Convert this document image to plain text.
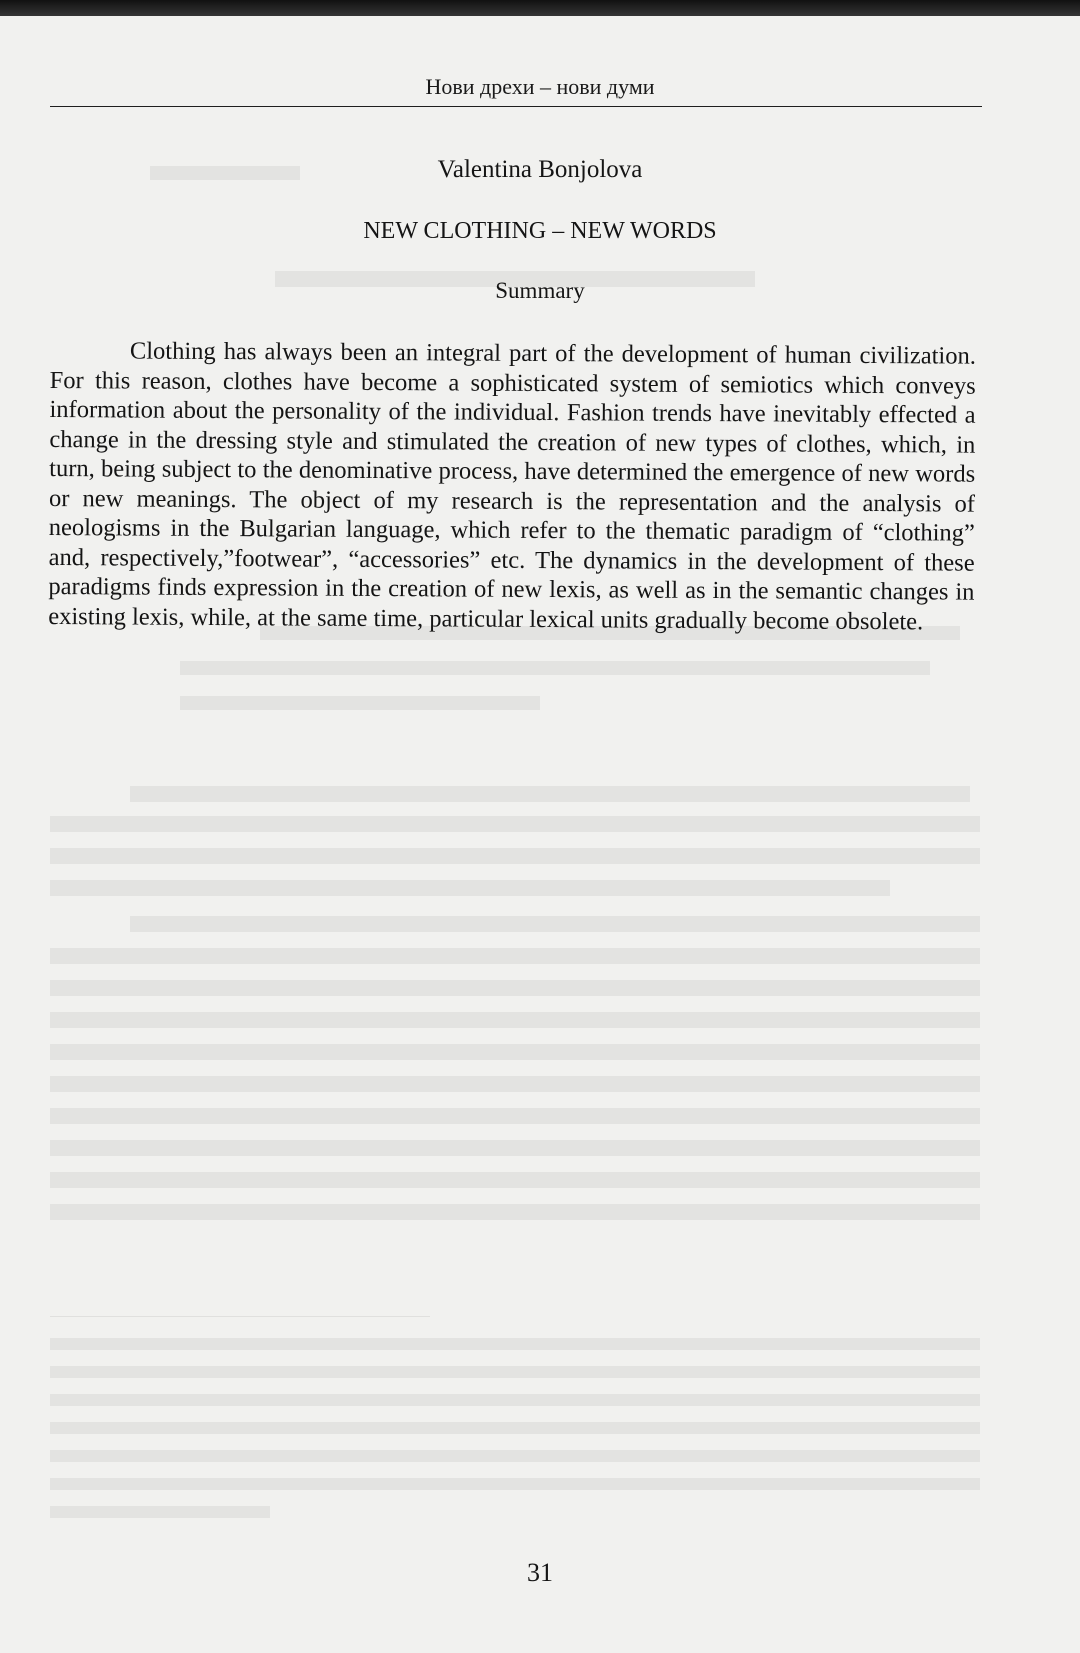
Нови дрехи – нови думи
Valentina Bonjolova
NEW CLOTHING – NEW WORDS
Summary

Clothing has always been an integral part of the development of human civilization. For this reason, clothes have become a sophisticated system of semiotics which conveys information about the personality of the individual. Fashion trends have inevitably effected a change in the dressing style and stimulated the creation of new types of clothes, which, in turn, being subject to the denominative process, have determined the emergence of new words or new meanings. The object of my research is the representation and the analysis of neologisms in the Bulgarian language, which refer to the thematic paradigm of “clothing” and, respectively,”footwear”, “accessories” etc. The dynamics in the development of these paradigms finds expression in the creation of new lexis, as well as in the semantic changes in existing lexis, while, at the same time, particular lexical units gradually become obsolete.

31
